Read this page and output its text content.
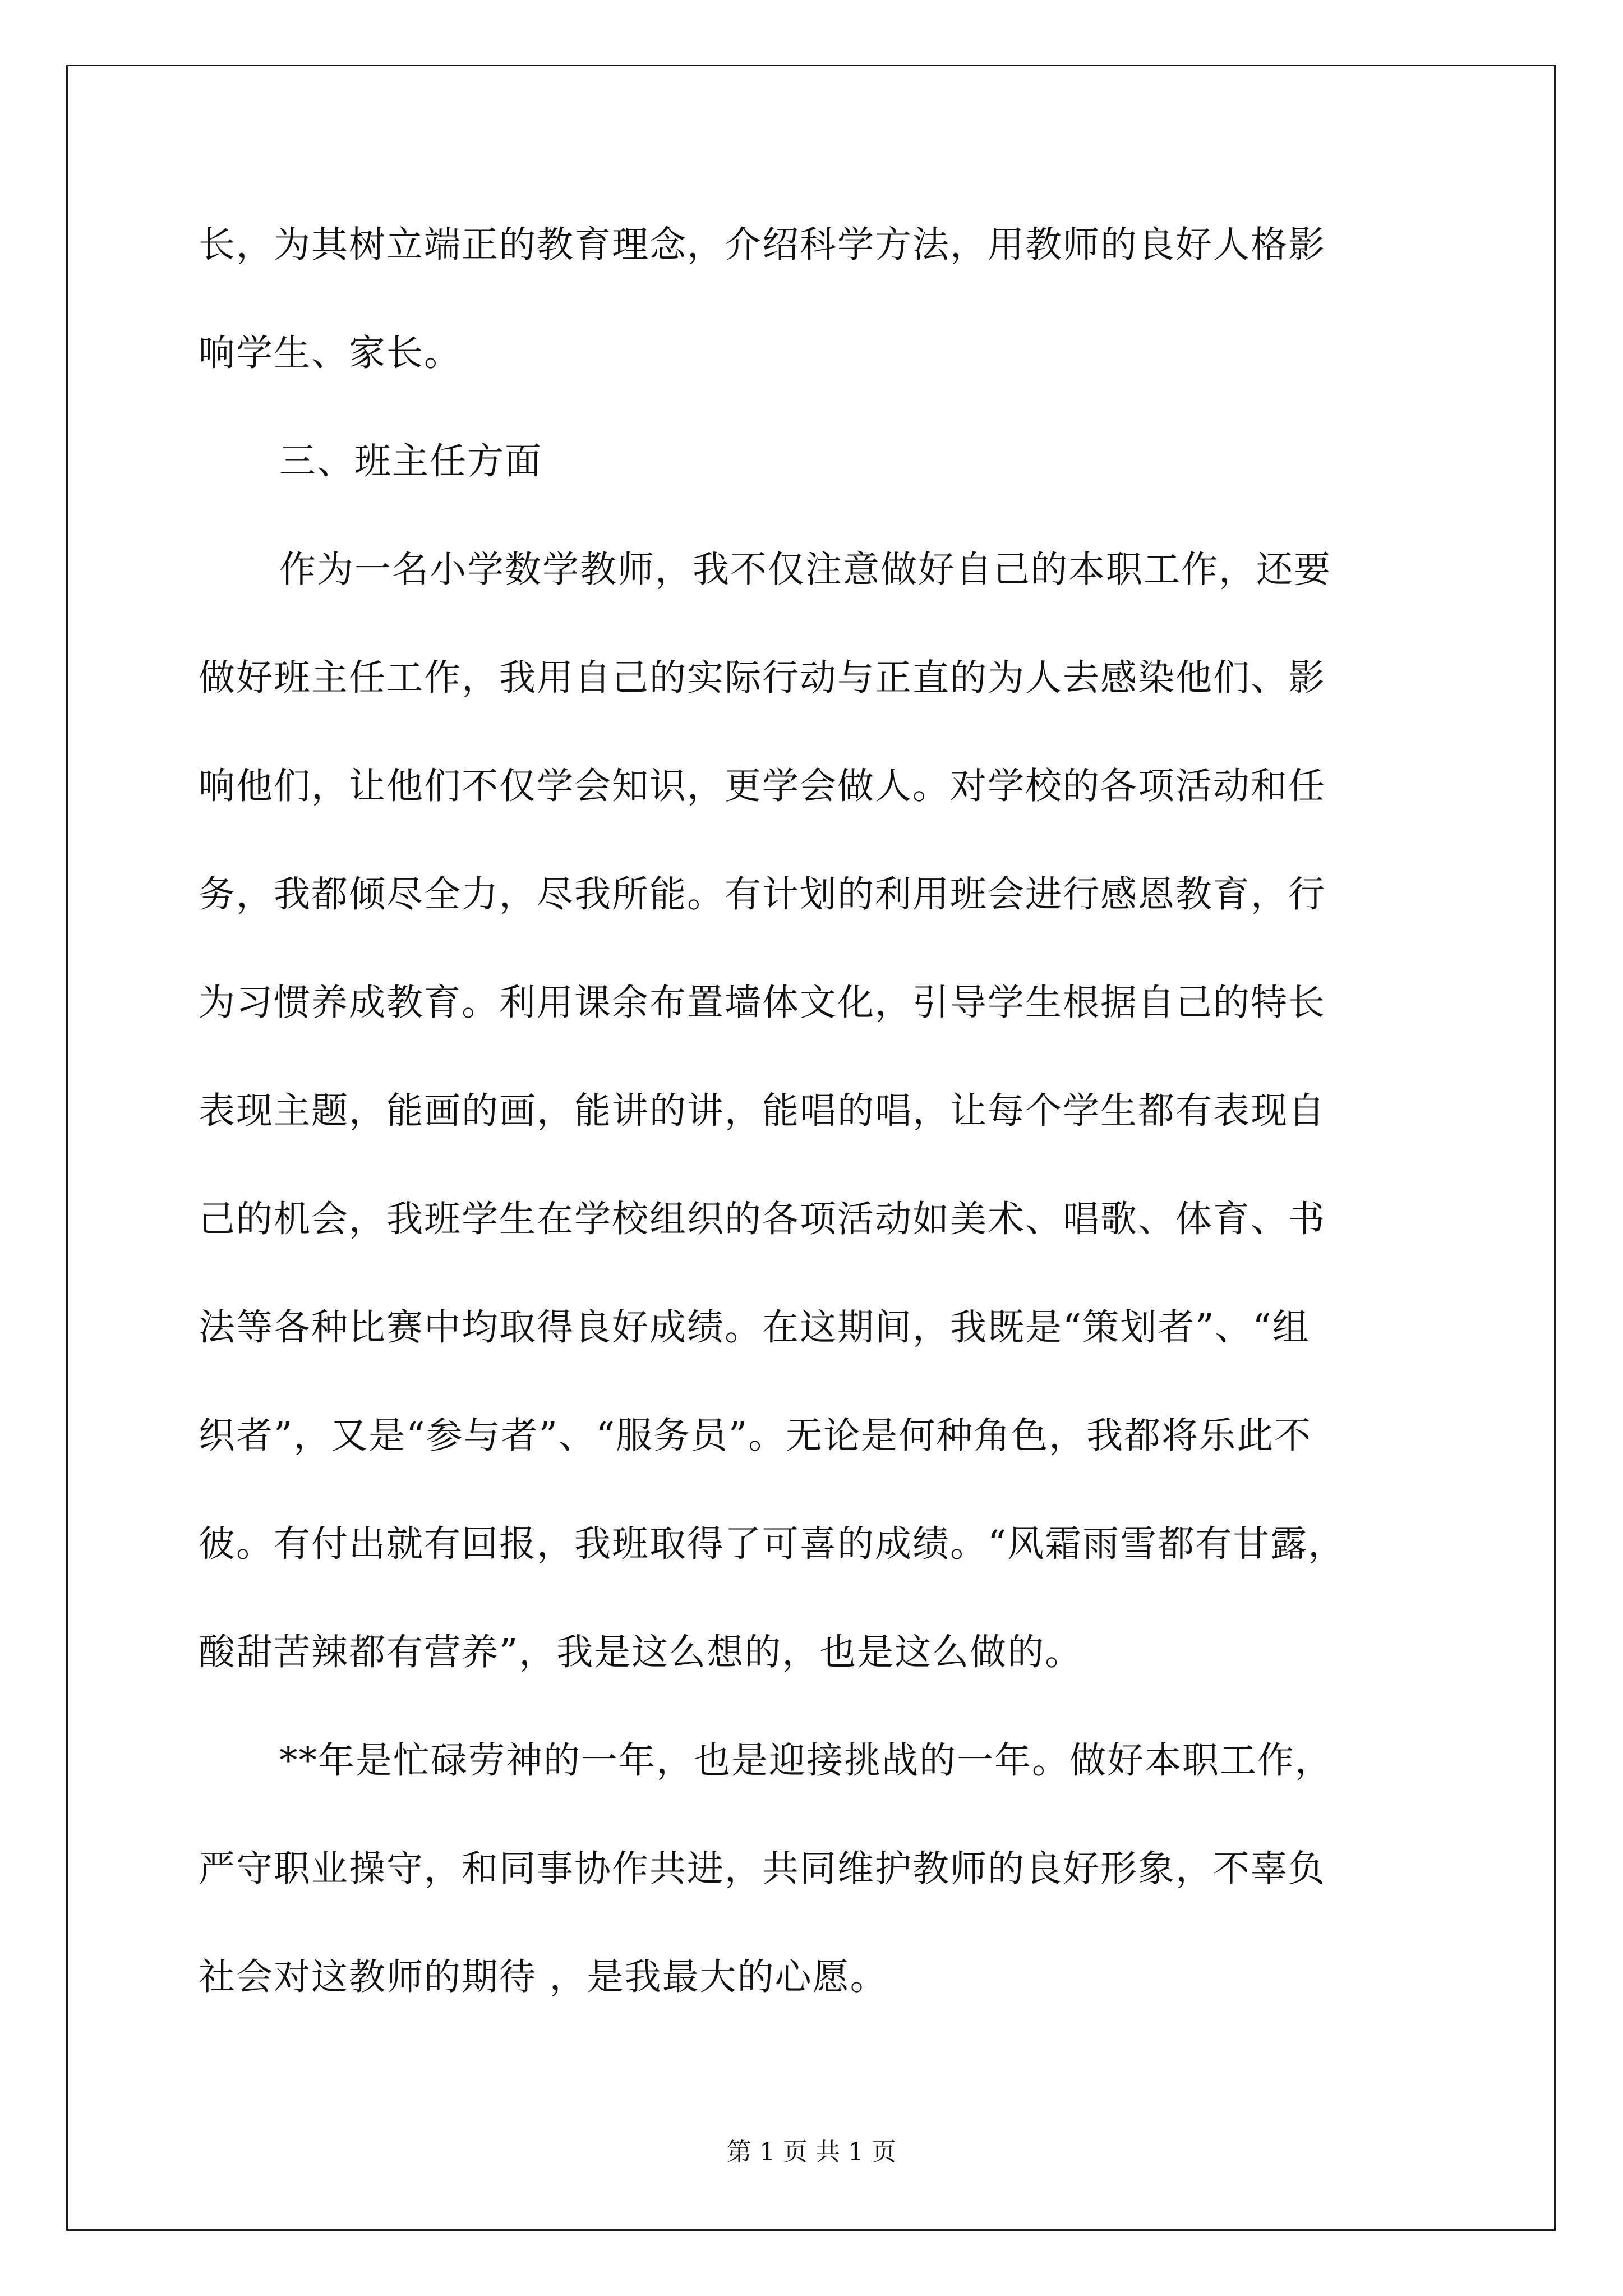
长，为其树立端正的教育理念，介绍科学方法，用教师的良好人格影
响学生、家长。
三、班主任方面
作为一名小学数学教师，我不仅注意做好自己的本职工作，还要
做好班主任工作，我用自己的实际行动与正直的为人去感染他们、影
响他们，让他们不仅学会知识，更学会做人。对学校的各项活动和任
务，我都倾尽全力，尽我所能。有计划的利用班会进行感恩教育，行
为习惯养成教育。利用课余布置墙体文化，引导学生根据自己的特长
表现主题，能画的画，能讲的讲，能唱的唱，让每个学生都有表现自
己的机会，我班学生在学校组织的各项活动如美术、唱歌、体育、书
法等各种比赛中均取得良好成绩。在这期间，我既是“策划者”、“组
织者”，又是“参与者”、“服务员”。无论是何种角色，我都将乐此不
彼。有付出就有回报，我班取得了可喜的成绩。“风霜雨雪都有甘露，
酸甜苦辣都有营养”，我是这么想的，也是这么做的。
**年是忙碌劳神的一年，也是迎接挑战的一年。做好本职工作，
严守职业操守，和同事协作共进，共同维护教师的良好形象，不辜负
社会对这教师的期待 ，是我最大的心愿。
第 1 页 共 1 页
